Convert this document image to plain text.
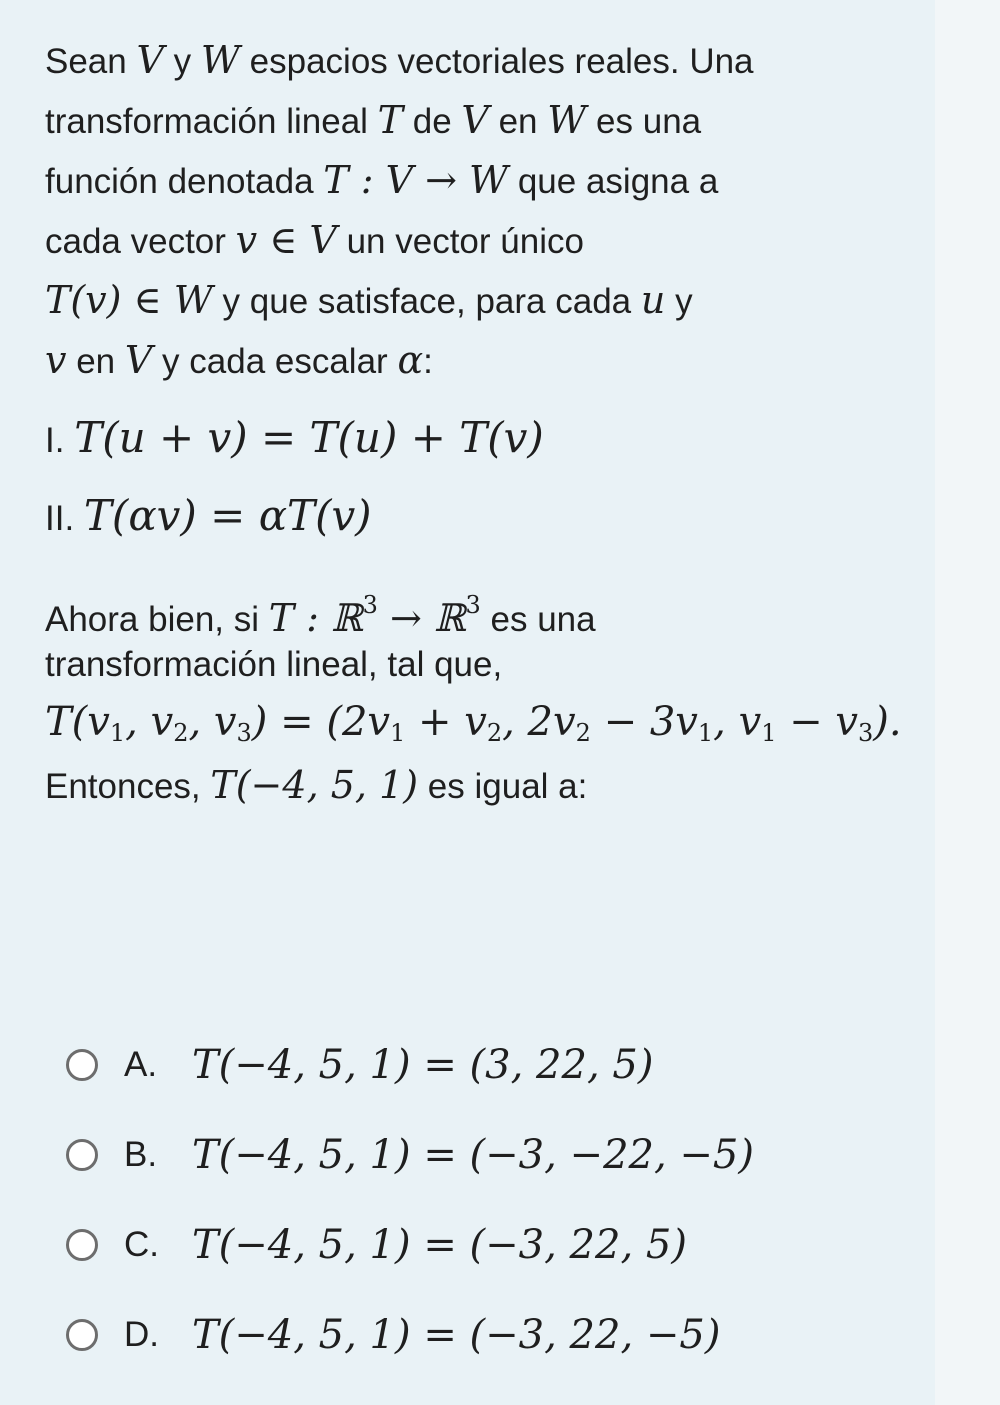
Sean V y W espacios vectoriales reales. Una
transformación lineal T de V en W es una
función denotada T : V → W que asigna a
cada vector v ∈ V un vector único
T(v) ∈ W y que satisface, para cada u y
v en V y cada escalar α:
I. T(u + v) = T(u) + T(v)
II. T(αv) = αT(v)
Ahora bien, si T : ℝ$^3$ → ℝ$^3$ es una
transformación lineal, tal que,
$T(v_1$, $v_2$, $v_3) = (2v_1 + v_2$, $2v_2 - 3v_1$, $v_1 - v_3$).
Entonces, T(−4, 5, 1) es igual a:
A. T(−4, 5, 1) = (3, 22, 5)
B. T(−4, 5, 1) = (−3, −22, −5)
C. T(−4, 5, 1) = (−3, 22, 5)
D. T(−4, 5, 1) = (−3, 22, −5)
